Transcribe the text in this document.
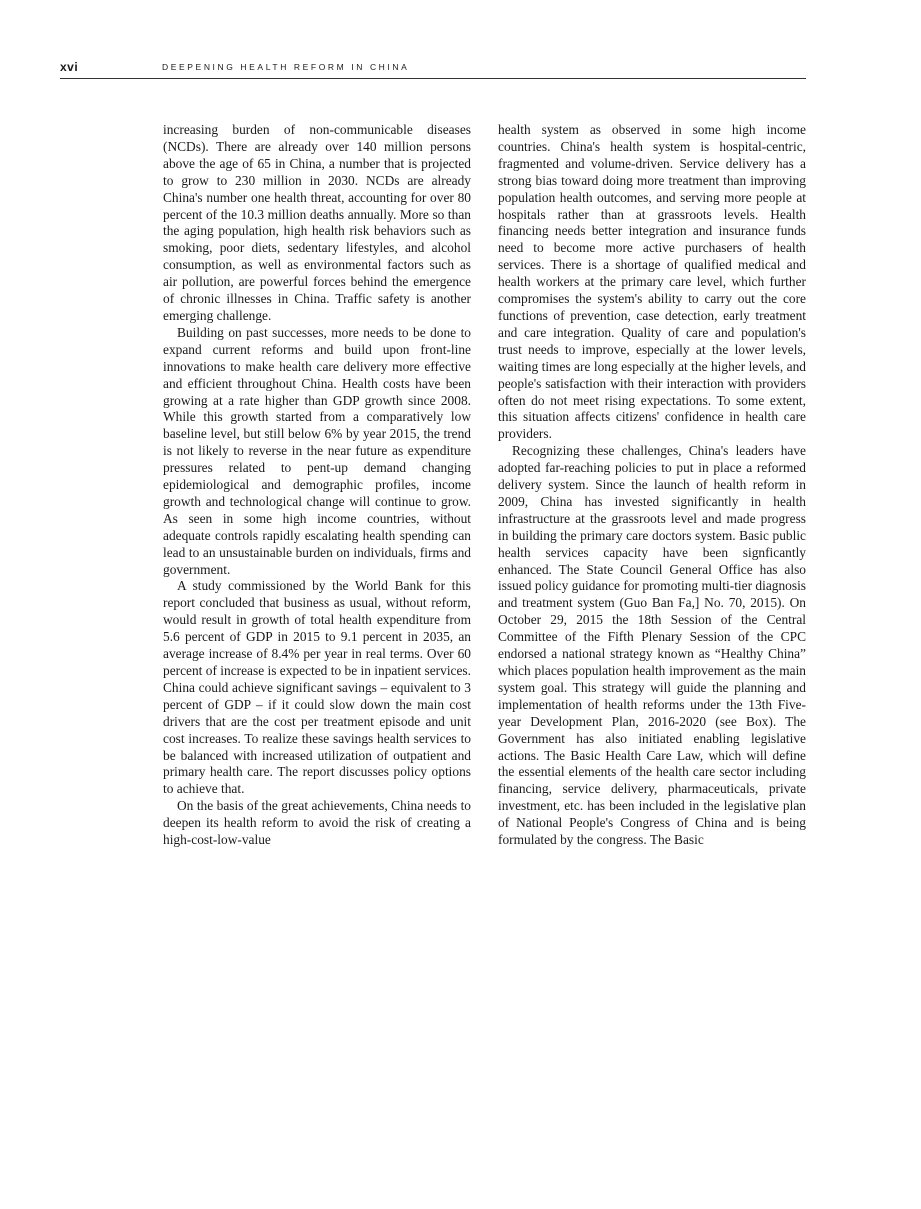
xvi	DEEPENING HEALTH REFORM IN CHINA

increasing burden of non-communicable diseases (NCDs). There are already over 140 million persons above the age of 65 in China, a number that is projected to grow to 230 million in 2030. NCDs are already China's number one health threat, accounting for over 80 percent of the 10.3 million deaths annually. More so than the aging population, high health risk behaviors such as smoking, poor diets, sedentary lifestyles, and alcohol consumption, as well as environmental factors such as air pollution, are powerful forces behind the emergence of chronic illnesses in China. Traffic safety is another emerging challenge.

Building on past successes, more needs to be done to expand current reforms and build upon front-line innovations to make health care delivery more effective and efficient throughout China. Health costs have been growing at a rate higher than GDP growth since 2008. While this growth started from a comparatively low baseline level, but still below 6% by year 2015, the trend is not likely to reverse in the near future as expenditure pressures related to pent-up demand changing epidemiological and demographic profiles, income growth and technological change will continue to grow. As seen in some high income countries, without adequate controls rapidly escalating health spending can lead to an unsustainable burden on individuals, firms and government.

A study commissioned by the World Bank for this report concluded that business as usual, without reform, would result in growth of total health expenditure from 5.6 percent of GDP in 2015 to 9.1 percent in 2035, an average increase of 8.4% per year in real terms. Over 60 percent of increase is expected to be in inpatient services. China could achieve significant savings – equivalent to 3 percent of GDP – if it could slow down the main cost drivers that are the cost per treatment episode and unit cost increases. To realize these savings health services to be balanced with increased utilization of outpatient and primary health care. The report discusses policy options to achieve that.

On the basis of the great achievements, China needs to deepen its health reform to avoid the risk of creating a high-cost-low-value

health system as observed in some high income countries. China's health system is hospital-centric, fragmented and volume-driven. Service delivery has a strong bias toward doing more treatment than improving population health outcomes, and serving more people at hospitals rather than at grassroots levels. Health financing needs better integration and insurance funds need to become more active purchasers of health services. There is a shortage of qualified medical and health workers at the primary care level, which further compromises the system's ability to carry out the core functions of prevention, case detection, early treatment and care integration. Quality of care and population's trust needs to improve, especially at the lower levels, waiting times are long especially at the higher levels, and people's satisfaction with their interaction with providers often do not meet rising expectations. To some extent, this situation affects citizens' confidence in health care providers.

Recognizing these challenges, China's leaders have adopted far-reaching policies to put in place a reformed delivery system. Since the launch of health reform in 2009, China has invested significantly in health infrastructure at the grassroots level and made progress in building the primary care doctors system. Basic public health services capacity have been signficantly enhanced. The State Council General Office has also issued policy guidance for promoting multi-tier diagnosis and treatment system (Guo Ban Fa,] No. 70, 2015). On October 29, 2015 the 18th Session of the Central Committee of the Fifth Plenary Session of the CPC endorsed a national strategy known as “Healthy China” which places population health improvement as the main system goal. This strategy will guide the planning and implementation of health reforms under the 13th Five-year Development Plan, 2016-2020 (see Box). The Government has also initiated enabling legislative actions. The Basic Health Care Law, which will define the essential elements of the health care sector including financing, service delivery, pharmaceuticals, private investment, etc. has been included in the legislative plan of National People's Congress of China and is being formulated by the congress. The Basic
